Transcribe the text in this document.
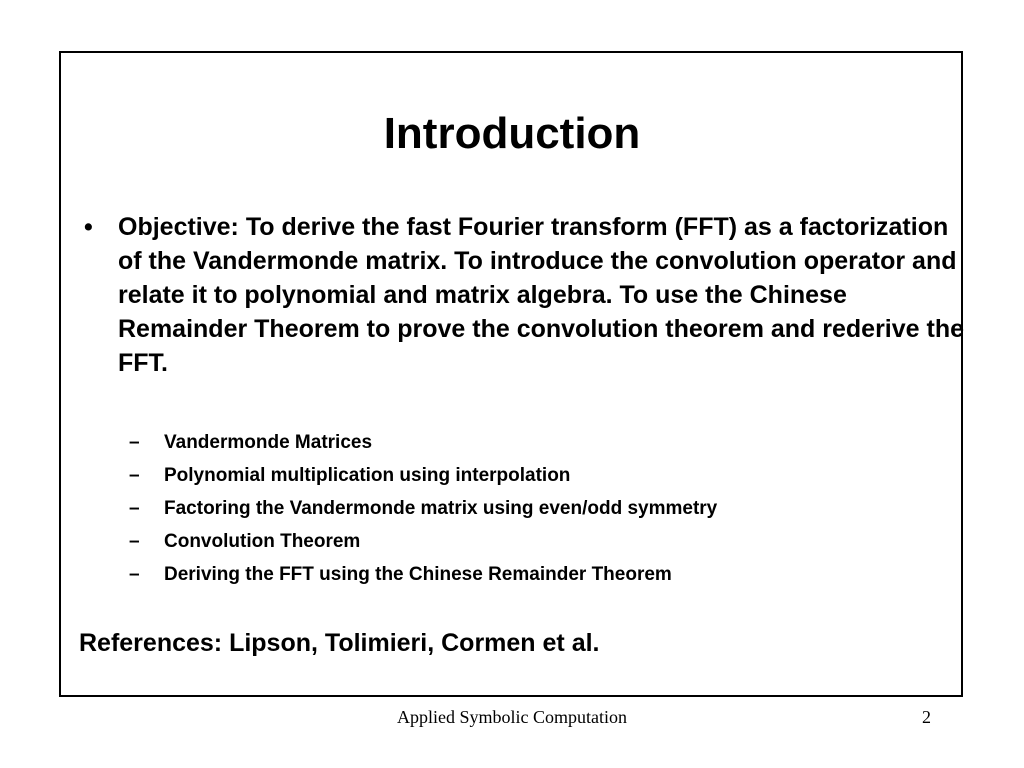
Introduction
•	Objective: To derive the fast Fourier transform (FFT) as a factorization of the Vandermonde matrix. To introduce the convolution operator and relate it to polynomial and matrix algebra. To use the Chinese Remainder Theorem to prove the convolution theorem and rederive the FFT.
–	Vandermonde Matrices
–	Polynomial multiplication using interpolation
–	Factoring the Vandermonde matrix using even/odd symmetry
–	Convolution Theorem
–	Deriving the FFT using the Chinese Remainder Theorem

References: Lipson, Tolimieri, Cormen et al.

Applied Symbolic Computation	2
